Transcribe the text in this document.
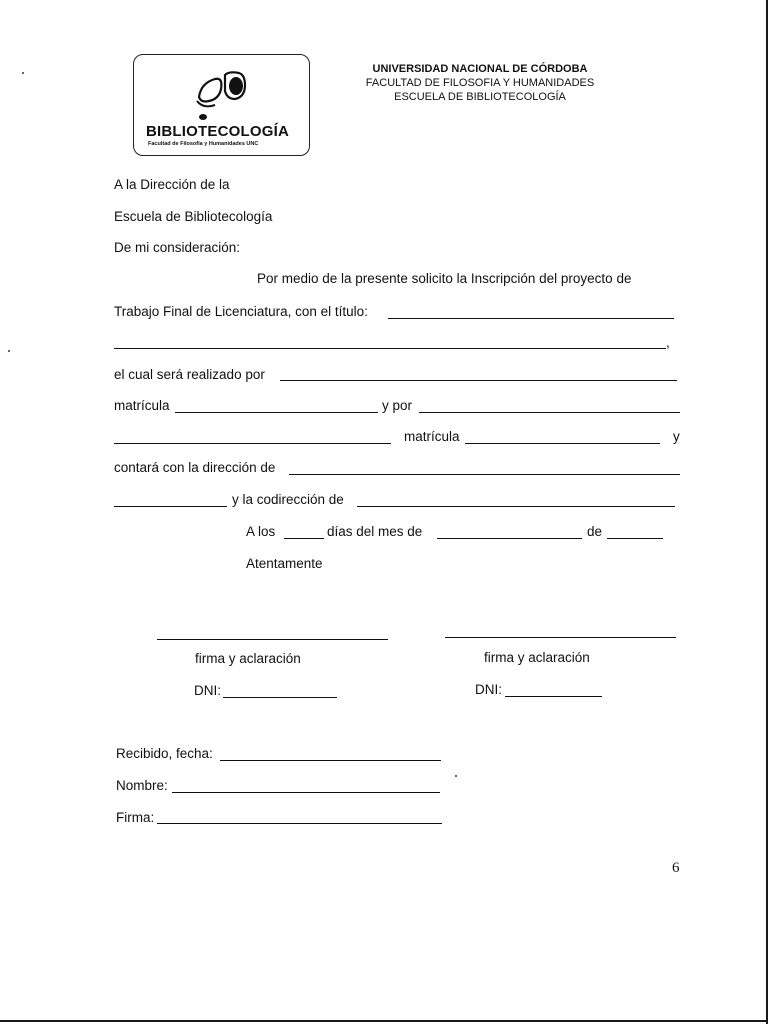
BIBLIOTECOLOGÍA
Facultad de Filosofía y Humanidades UNC
UNIVERSIDAD NACIONAL DE CÓRDOBA
FACULTAD DE FILOSOFIA Y HUMANIDADES
ESCUELA DE BIBLIOTECOLOGÍA
A la Dirección de la
Escuela de Bibliotecología
De mi consideración:
Por medio de la presente solicito la Inscripción del proyecto de
Trabajo Final de Licenciatura, con el título:
,
el cual será realizado por
matrícula	y por
matrícula	y
contará con la dirección de
y la codirección de
A los	días del mes de	de
Atentamente
firma y aclaración	firma y aclaración
DNI:	DNI:
Recibido, fecha:
Nombre:
Firma:
6
